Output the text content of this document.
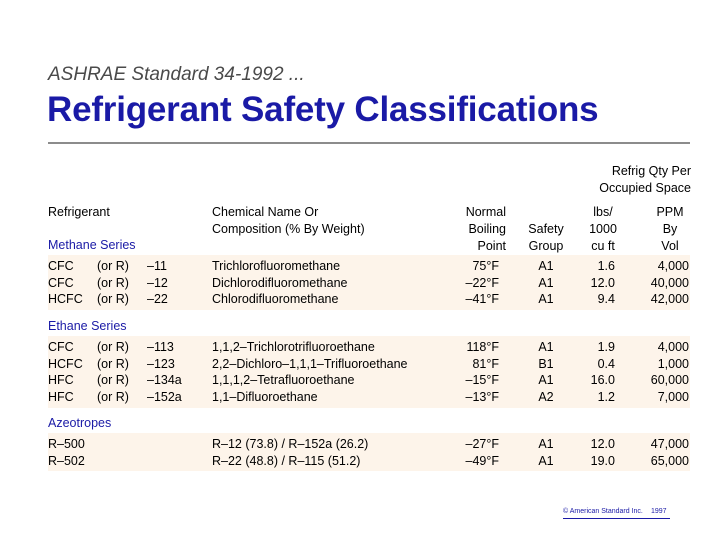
ASHRAE Standard 34-1992 ...
Refrigerant Safety Classifications
Refrig Qty Per
Occupied Space
Refrigerant	Chemical Name Or
Composition (% By Weight)
Normal
Boiling
Point
Safety
Group
lbs/
1000
cu ft
PPM
By
Vol
Methane Series
CFC
CFC
HCFC
(or R)
(or R)
(or R)
–11
–12
–22
Trichlorofluoromethane
Dichlorodifluoromethane
Chlorodifluoromethane
75°F
–22°F
–41°F
A1
A1
A1
1.6
12.0
9.4
4,000
40,000
42,000
Ethane Series
CFC
HCFC
HFC
HFC
(or R)
(or R)
(or R)
(or R)
–113
–123
–134a
–152a
1,1,2–Trichlorotrifluoroethane
2,2–Dichloro–1,1,1–Trifluoroethane
1,1,1,2–Tetrafluoroethane
1,1–Difluoroethane
118°F
81°F
–15°F
–13°F
A1
B1
A1
A2
1.9
0.4
16.0
1.2
4,000
1,000
60,000
7,000
Azeotropes
R–500
R–502
R–12 (73.8) / R–152a (26.2)
R–22 (48.8) / R–115 (51.2)
–27°F
–49°F
A1
A1
12.0
19.0
47,000
65,000
© American Standard Inc. 1997
